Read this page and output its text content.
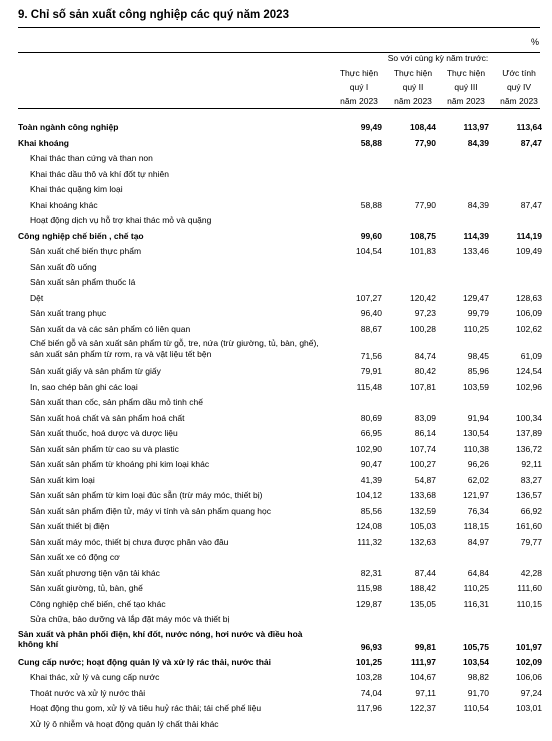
9. Chỉ số sản xuất công nghiệp các quý năm 2023
%
So với cùng kỳ năm trước:
Thực hiện
quý I
năm 2023
Thực hiện
quý II
năm 2023
Thực hiện
quý III
năm 2023
Ước tính
quý IV
năm 2023
Toàn ngành công nghiệp	99,49	108,44	113,97	113,64
Khai khoáng	58,88	77,90	84,39	87,47
Khai thác than cứng và than non
Khai thác dầu thô và khí đốt tự nhiên
Khai thác quặng kim loại
Khai khoáng khác	58,88	77,90	84,39	87,47
Hoạt động dịch vụ hỗ trợ khai thác mỏ và quặng
Công nghiệp chế biến , chế tạo	99,60	108,75	114,39	114,19
Sản xuất chế biến thực phẩm	104,54	101,83	133,46	109,49
Sản xuất đồ uống
Sản xuất sản phẩm thuốc lá
Dệt	107,27	120,42	129,47	128,63
Sản xuất trang phục	96,40	97,23	99,79	106,09
Sản xuất da và các sản phẩm có liên quan	88,67	100,28	110,25	102,62
Chế biến gỗ và sản xuất sản phẩm từ gỗ, tre, nứa (trừ giường, tủ, bàn, ghế), sản xuất sản phẩm từ rơm, rạ và vật liệu tết bện	71,56	84,74	98,45	61,09
Sản xuất giấy và sản phẩm từ giấy	79,91	80,42	85,96	124,54
In, sao chép bản ghi các loại	115,48	107,81	103,59	102,96
Sản xuất than cốc, sản phẩm dầu mỏ tinh chế
Sản xuất hoá chất và sản phẩm hoá chất	80,69	83,09	91,94	100,34
Sản xuất thuốc, hoá dược và dược liệu	66,95	86,14	130,54	137,89
Sản xuất sản phẩm từ cao su và plastic	102,90	107,74	110,38	136,72
Sản xuất sản phẩm từ khoáng phi kim loại khác	90,47	100,27	96,26	92,11
Sản xuất kim loại	41,39	54,87	62,02	83,27
Sản xuất sản phẩm từ kim loại đúc sẵn (trừ máy móc, thiết bị)	104,12	133,68	121,97	136,57
Sản xuất sản phẩm điện tử, máy vi tính và sản phẩm quang học	85,56	132,59	76,34	66,92
Sản xuất thiết bị điện	124,08	105,03	118,15	161,60
Sản xuất máy móc, thiết bị chưa được phân vào đâu	111,32	132,63	84,97	79,77
Sản xuất xe có động cơ
Sản xuất phương tiện vận tải khác	82,31	87,44	64,84	42,28
Sản xuất giường, tủ, bàn, ghế	115,98	188,42	110,25	111,60
Công nghiệp chế biến, chế tạo khác	129,87	135,05	116,31	110,15
Sửa chữa, bảo dưỡng và lắp đặt máy móc và thiết bị
Sản xuất và phân phối điện, khí đốt, nước nóng, hơi nước và điều hoà không khí	96,93	99,81	105,75	101,97
Cung cấp nước; hoạt động quản lý và xử lý rác thải, nước thải	101,25	111,97	103,54	102,09
Khai thác, xử lý và cung cấp nước	103,28	104,67	98,82	106,06
Thoát nước và xử lý nước thải	74,04	97,11	91,70	97,24
Hoạt động thu gom, xử lý và tiêu huỷ rác thải; tái chế phế liệu	117,96	122,37	110,54	103,01
Xử lý ô nhiễm và hoạt động quản lý chất thải khác
